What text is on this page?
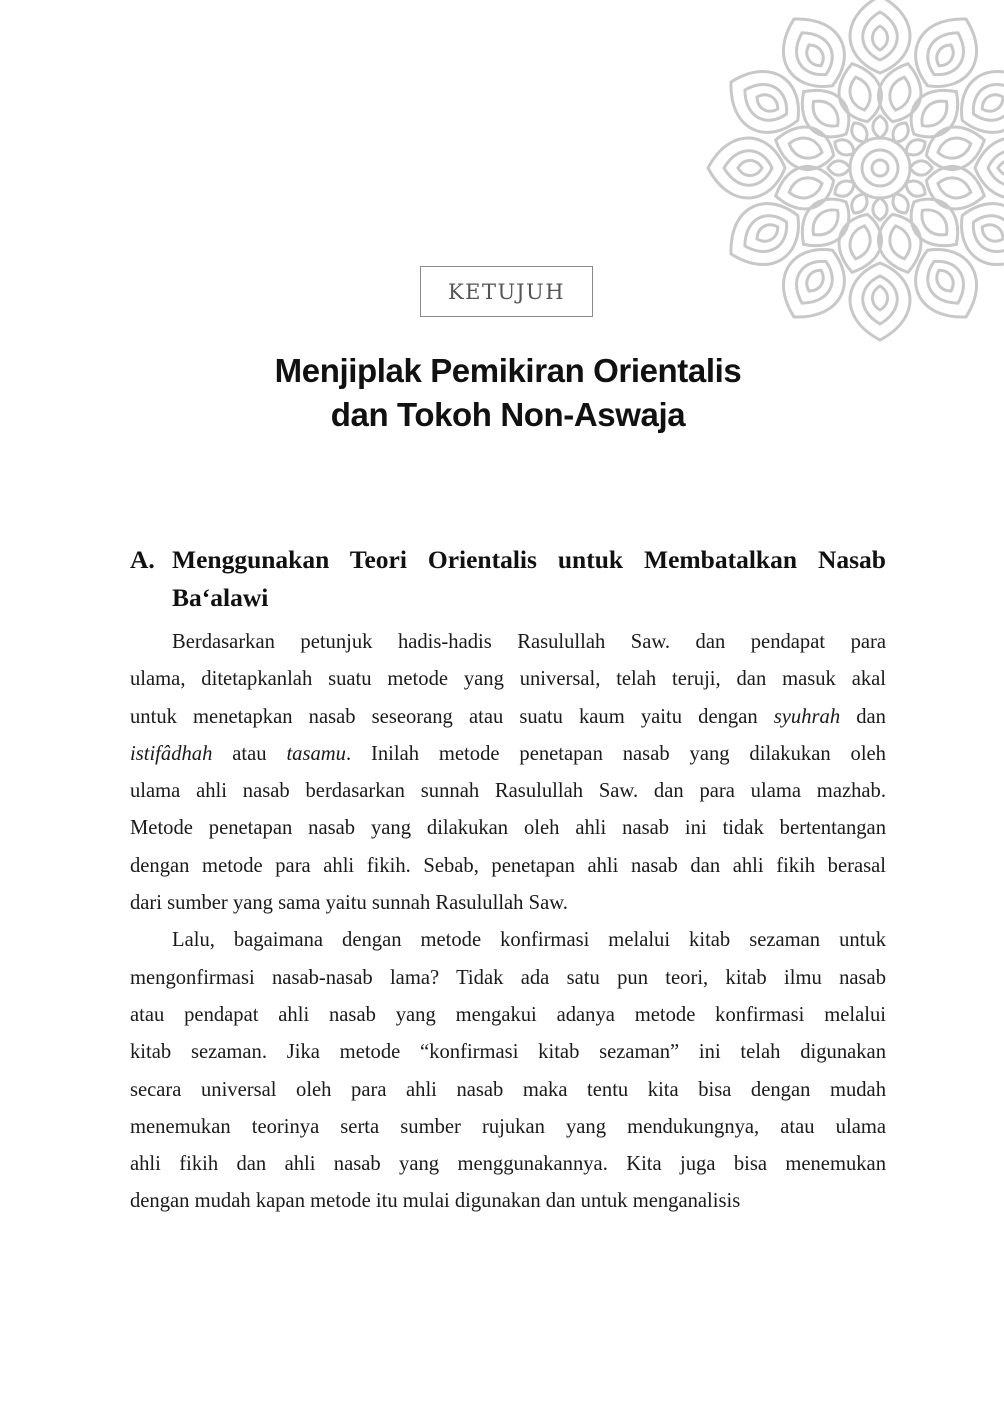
KETUJUH
Menjiplak Pemikiran Orientalis
dan Tokoh Non-Aswaja
A. Menggunakan Teori Orientalis untuk Membatalkan Nasab
Ba‘alawi
Berdasarkan petunjuk hadis-hadis Rasulullah Saw. dan pendapat para
ulama, ditetapkanlah suatu metode yang universal, telah teruji, dan masuk akal
untuk menetapkan nasab seseorang atau suatu kaum yaitu dengan syuhrah dan
istifâdhah atau tasamu. Inilah metode penetapan nasab yang dilakukan oleh
ulama ahli nasab berdasarkan sunnah Rasulullah Saw. dan para ulama mazhab.
Metode penetapan nasab yang dilakukan oleh ahli nasab ini tidak bertentangan
dengan metode para ahli fikih. Sebab, penetapan ahli nasab dan ahli fikih berasal
dari sumber yang sama yaitu sunnah Rasulullah Saw.
Lalu, bagaimana dengan metode konfirmasi melalui kitab sezaman untuk
mengonfirmasi nasab-nasab lama? Tidak ada satu pun teori, kitab ilmu nasab
atau pendapat ahli nasab yang mengakui adanya metode konfirmasi melalui
kitab sezaman. Jika metode “konfirmasi kitab sezaman” ini telah digunakan
secara universal oleh para ahli nasab maka tentu kita bisa dengan mudah
menemukan teorinya serta sumber rujukan yang mendukungnya, atau ulama
ahli fikih dan ahli nasab yang menggunakannya. Kita juga bisa menemukan
dengan mudah kapan metode itu mulai digunakan dan untuk menganalisis
